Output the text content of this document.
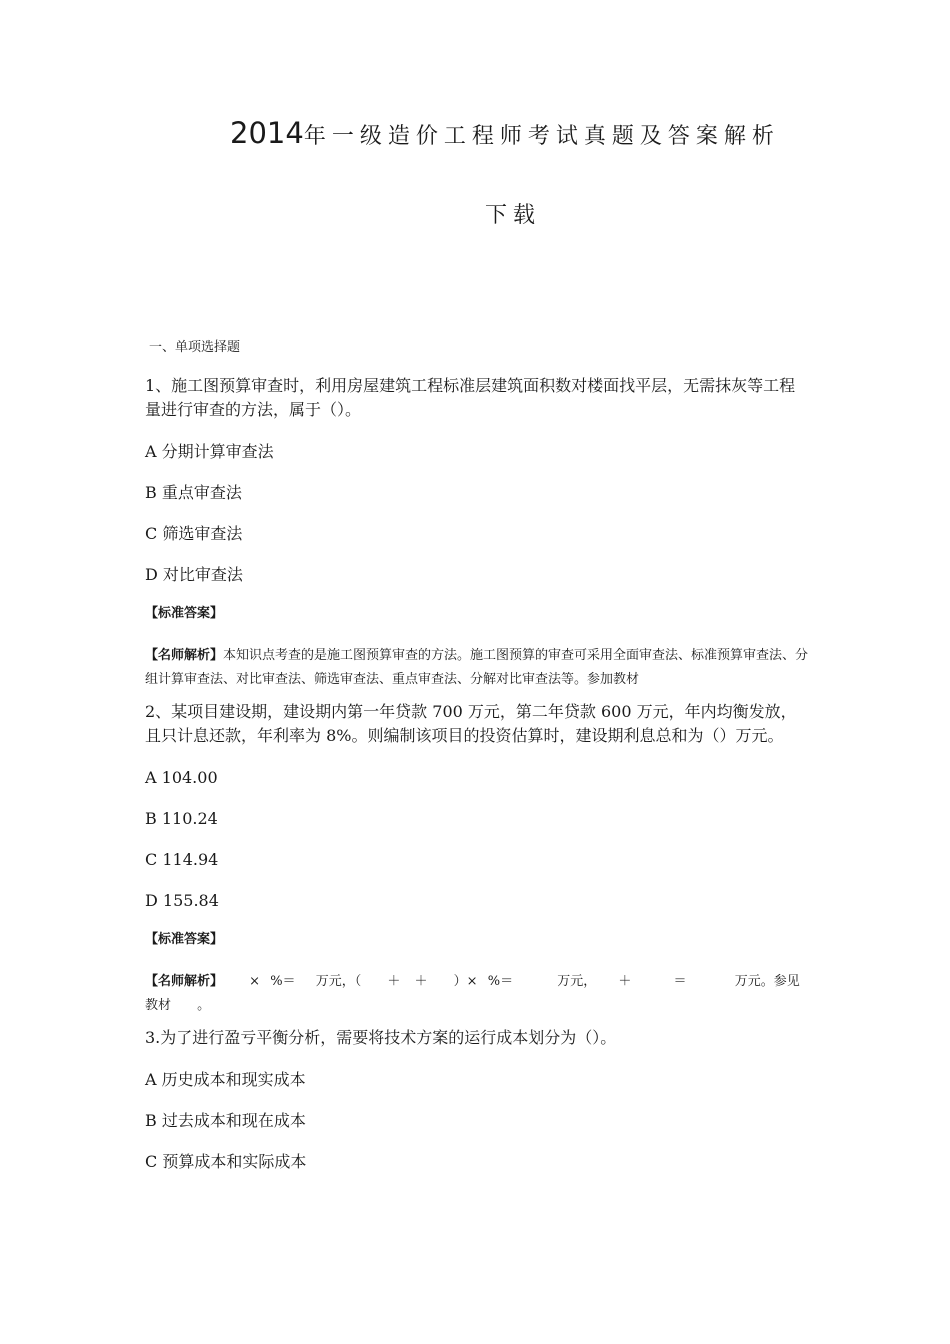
2014年一级造价工程师考试真题及答案解析
下载
一、单项选择题
1、施工图预算审查时，利用房屋建筑工程标准层建筑面积数对楼面找平层，无需抹灰等工程量进行审查的方法，属于（）。
A 分期计算审查法
B 重点审查法
C 筛选审查法
D 对比审查法
【标准答案】
【名师解析】本知识点考查的是施工图预算审查的方法。施工图预算的审查可采用全面审查法、标准预算审查法、分组计算审查法、对比审查法、筛选审查法、重点审查法、分解对比审查法等。参加教材
2、某项目建设期，建设期内第一年贷款 700 万元，第二年贷款 600 万元，年内均衡发放，且只计息还款，年利率为 8%。则编制该项目的投资估算时，建设期利息总和为（）万元。
A 104.00
B 110.24
C 114.94
D 155.84
【标准答案】
【名师解析】 × %＝ 万元，（ ＋ ＋ ）× %＝	万元， ＋	＝	万元。参见
教材 。
3.为了进行盈亏平衡分析，需要将技术方案的运行成本划分为（）。
A 历史成本和现实成本
B 过去成本和现在成本
C 预算成本和实际成本
